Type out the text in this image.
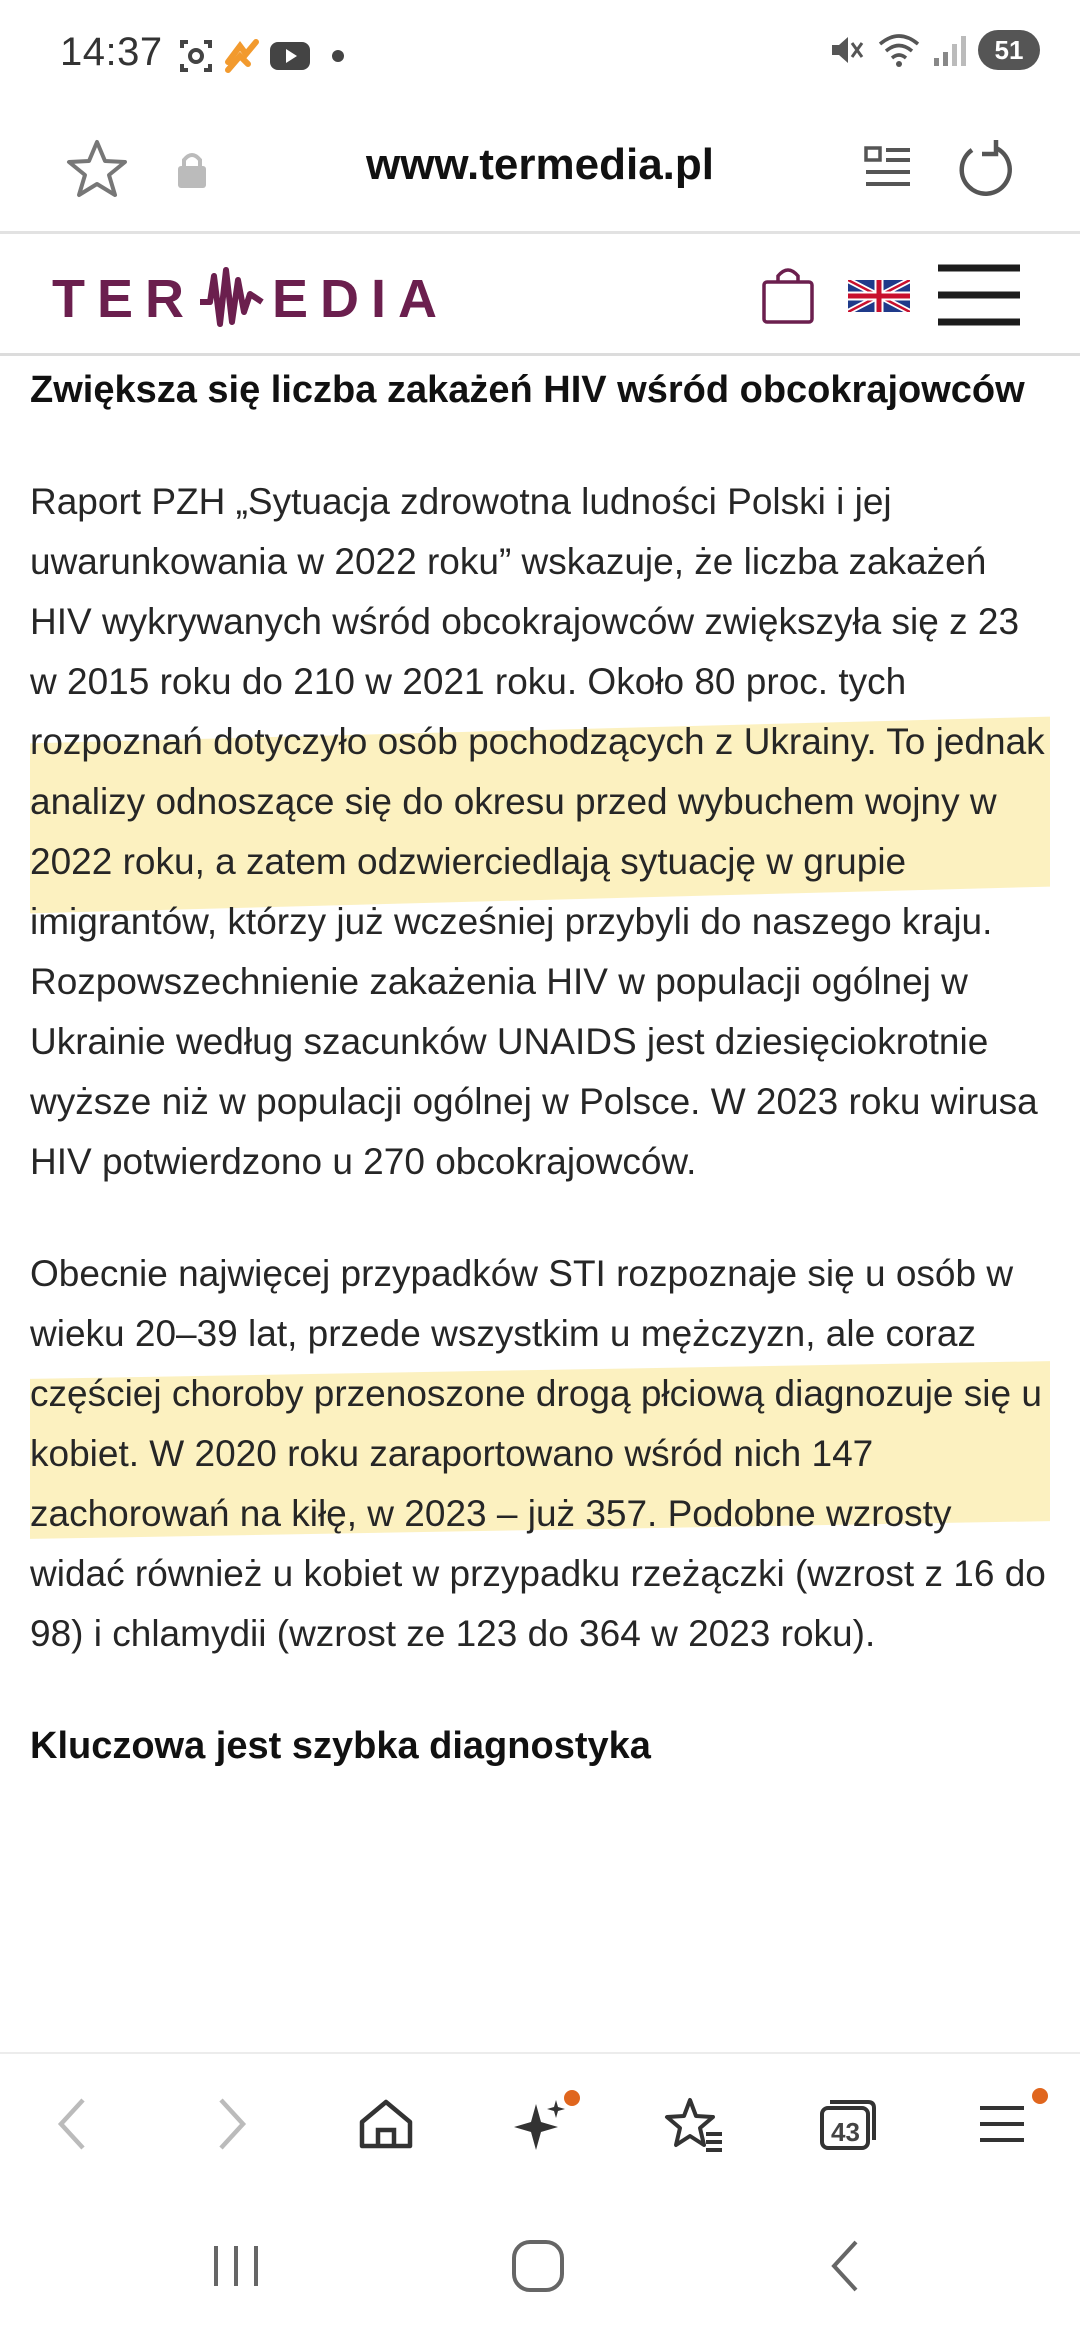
14:37	51
www.termedia.pl
TER EDIA
Zwiększa się liczba zakażeń HIV wśród obcokrajowców

Raport PZH „Sytuacja zdrowotna ludności Polski i jej uwarunkowania w 2022 roku” wskazuje, że liczba zakażeń HIV wykrywanych wśród obcokrajowców zwiększyła się z 23 w 2015 roku do 210 w 2021 roku. Około 80 proc. tych rozpoznań dotyczyło osób pochodzących z Ukrainy. To jednak analizy odnoszące się do okresu przed wybuchem wojny w 2022 roku, a zatem odzwierciedlają sytuację w grupie imigrantów, którzy już wcześniej przybyli do naszego kraju. Rozpowszechnienie zakażenia HIV w populacji ogólnej w Ukrainie według szacunków UNAIDS jest dziesięciokrotnie wyższe niż w populacji ogólnej w Polsce. W 2023 roku wirusa HIV potwierdzono u 270 obcokrajowców.

Obecnie najwięcej przypadków STI rozpoznaje się u osób w wieku 20–39 lat, przede wszystkim u mężczyzn, ale coraz częściej choroby przenoszone drogą płciową diagnozuje się u kobiet. W 2020 roku zaraportowano wśród nich 147 zachorowań na kiłę, w 2023 – już 357. Podobne wzrosty widać również u kobiet w przypadku rzeżączki (wzrost z 16 do 98) i chlamydii (wzrost ze 123 do 364 w 2023 roku).

Kluczowa jest szybka diagnostyka
43
